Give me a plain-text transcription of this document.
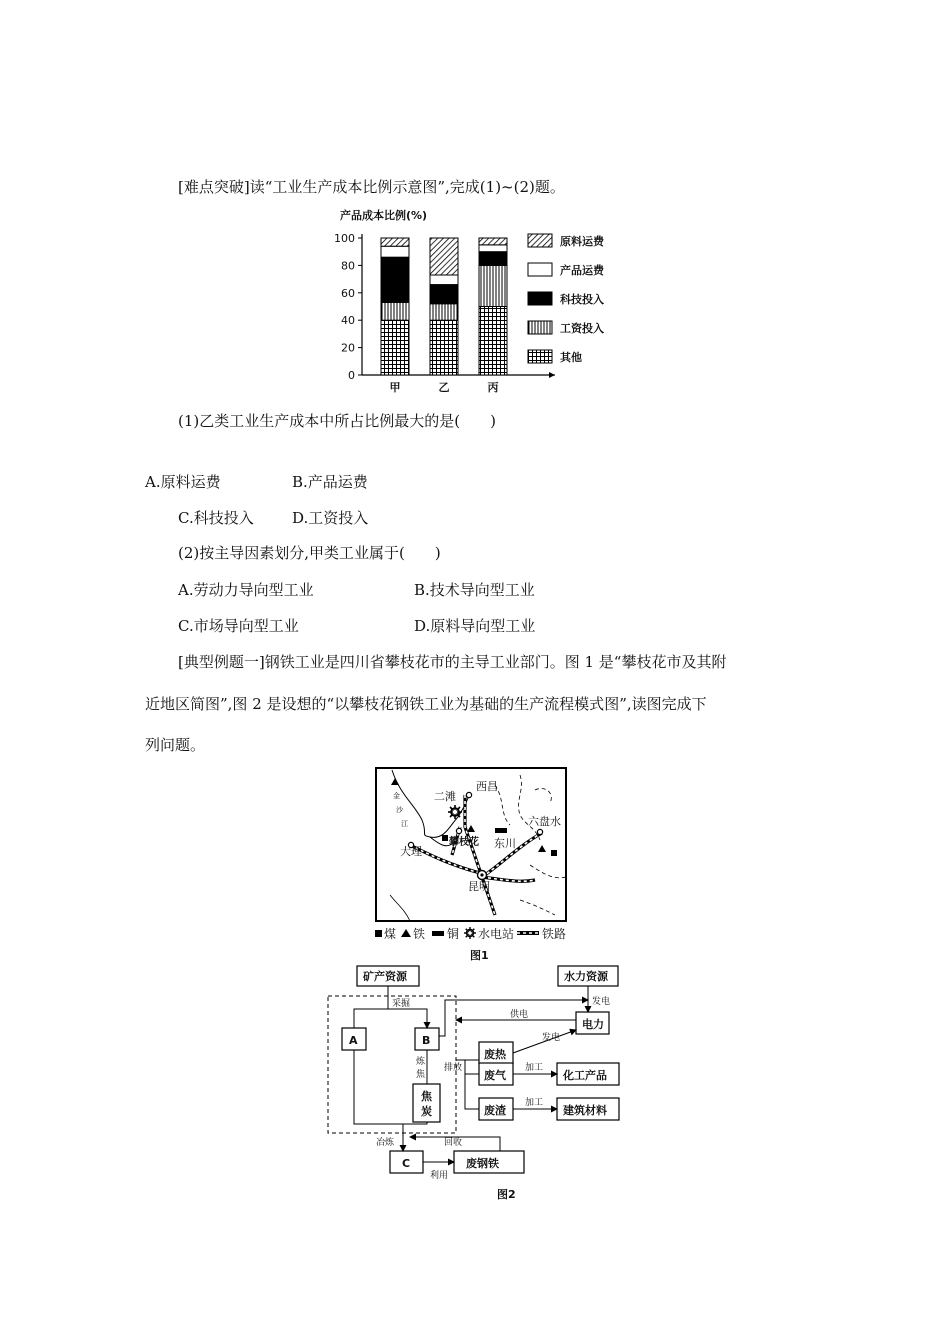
[难点突破]读“工业生产成本比例示意图”,完成(1)~(2)题。
产品成本比例(%)
0
20
40
60
80
100
甲	乙	丙
原料运费
产品运费
科技投入
工资投入
其他
(1)乙类工业生产成本中所占比例最大的是(　　)
A.原料运费	B.产品运费
C.科技投入	D.工资投入
(2)按主导因素划分,甲类工业属于(　　)
A.劳动力导向型工业	B.技术导向型工业
C.市场导向型工业	D.原料导向型工业
[典型例题一]钢铁工业是四川省攀枝花市的主导工业部门。图 1 是“攀枝花市及其附
近地区简图”,图 2 是设想的“以攀枝花钢铁工业为基础的生产流程模式图”,读图完成下
列问题。
西昌
二滩
攀枝花 东川
六盘水
大理
昆明
金
沙
江
煤 铁 铜 水电站 铁路
图1
矿产资源	水力资源
电力
A	B
焦
炭
废热
废气
废渣
化工产品
建筑材料
C	废钢铁
采掘	发电
供电
发电
炼
焦
排放	加工
加工
冶炼	回收
利用
图2
